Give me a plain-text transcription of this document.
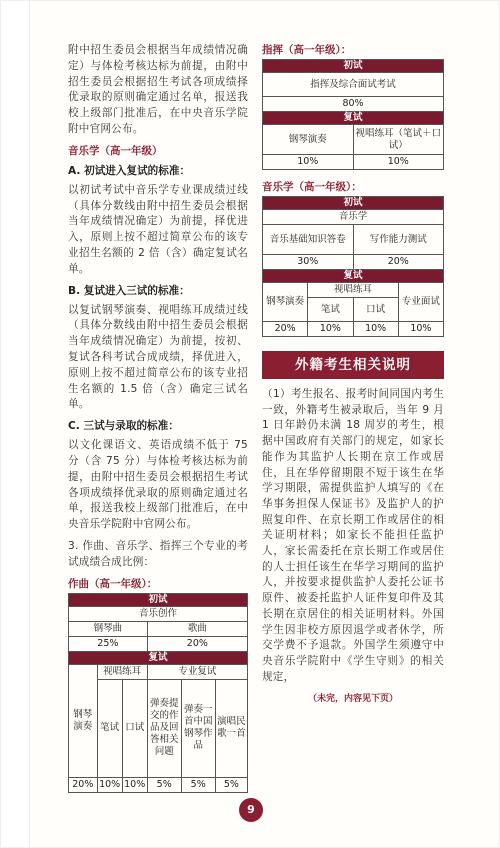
附中招生委员会根据当年成绩情况确定）与体检考核达标为前提，由附中招生委员会根据招生考试各项成绩择优录取的原则确定通过名单，报送我校上级部门批准后，在中央音乐学院附中官网公布。

音乐学（高一年级）
A. 初试进入复试的标准：

以初试考试中音乐学专业课成绩过线（具体分数线由附中招生委员会根据当年成绩情况确定）为前提，择优进入，原则上按不超过简章公布的该专业招生名额的 2 倍（含）确定复试名单。

B. 复试进入三试的标准：

以复试钢琴演奏、视唱练耳成绩过线（具体分数线由附中招生委员会根据当年成绩情况确定）为前提，按初、复试各科考试合成成绩，择优进入，原则上按不超过简章公布的该专业招生名额的 1.5 倍（含）确定三试名单。

C. 三试与录取的标准：

以文化课语文、英语成绩不低于 75 分（含 75 分）与体检考核达标为前提，由附中招生委员会根据招生考试各项成绩择优录取的原则确定通过名单，报送我校上级部门批准后，在中央音乐学院附中官网公布。

3. 作曲、音乐学、指挥三个专业的考试成绩合成比例：

作曲（高一年级）：
初试					
音乐创作					
钢琴曲			歌曲		
25%			20%		
复试					
钢琴演奏	视唱练耳		专业复试		
	笔试	口试	弹奏提交的作品及回答相关问题	弹奏一首中国钢琴作品	演唱民歌一首
20%	10%	10%	5%	5%	5%
指挥（高一年级）：
初试	
指挥及综合面试考试	
80%	
复试	
钢琴演奏	视唱练耳（笔试＋口试）
10%	10%
音乐学（高一年级）：
初试			
音乐学			
音乐基础知识答卷		写作能力测试	
30%		20%	
复试			
钢琴演奏	视唱练耳		专业面试
	笔试	口试	
20%	10%	10%	10%
外籍考生相关说明

（1）考生报名、报考时间同国内考生一致，外籍考生被录取后，当年 9 月 1 日年龄仍未满 18 周岁的考生，根据中国政府有关部门的规定，如家长能作为其监护人长期在京工作或居住，且在华停留期限不短于该生在华学习期限，需提供监护人填写的《在华事务担保人保证书》及监护人的护照复印件、在京长期工作或居住的相关证明材料；如家长不能担任监护人，家长需委托在京长期工作或居住的人士担任该生在华学习期间的监护人，并按要求提供监护人委托公证书原件、被委托监护人证件复印件及其长期在京居住的相关证明材料。外国学生因非校方原因退学或者休学，所交学费不予退款。外国学生须遵守中央音乐学院附中《学生守则》的相关规定，

（未完，内容见下页）
9
